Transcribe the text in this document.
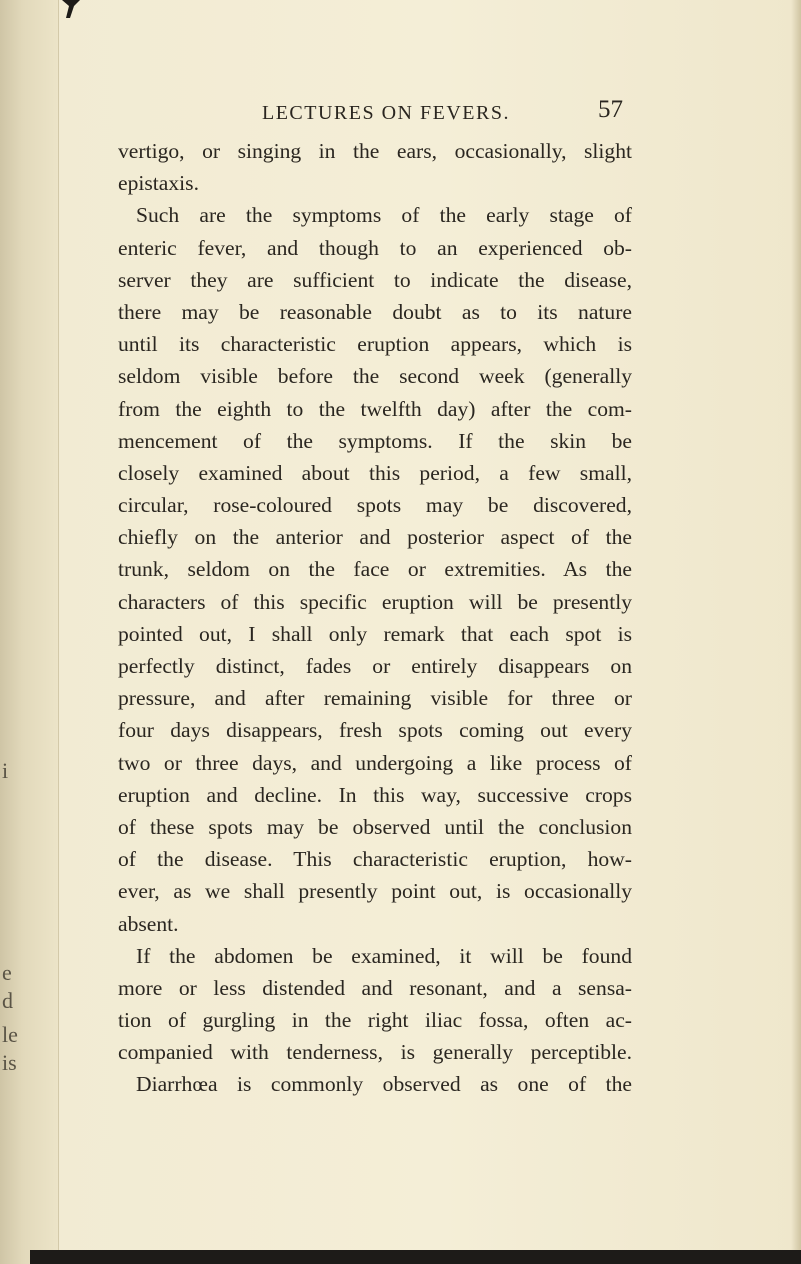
i
e
d
le
is
LECTURES ON FEVERS.	57
vertigo, or singing in the ears, occasionally, slight
epistaxis.
Such are the symptoms of the early stage of
enteric fever, and though to an experienced ob-
server they are sufficient to indicate the disease,
there may be reasonable doubt as to its nature
until its characteristic eruption appears, which is
seldom visible before the second week (generally
from the eighth to the twelfth day) after the com-
mencement of the symptoms. If the skin be
closely examined about this period, a few small,
circular, rose-coloured spots may be discovered,
chiefly on the anterior and posterior aspect of the
trunk, seldom on the face or extremities. As the
characters of this specific eruption will be presently
pointed out, I shall only remark that each spot is
perfectly distinct, fades or entirely disappears on
pressure, and after remaining visible for three or
four days disappears, fresh spots coming out every
two or three days, and undergoing a like process of
eruption and decline. In this way, successive crops
of these spots may be observed until the conclusion
of the disease. This characteristic eruption, how-
ever, as we shall presently point out, is occasionally
absent.
If the abdomen be examined, it will be found
more or less distended and resonant, and a sensa-
tion of gurgling in the right iliac fossa, often ac-
companied with tenderness, is generally perceptible.
Diarrhœa is commonly observed as one of the
